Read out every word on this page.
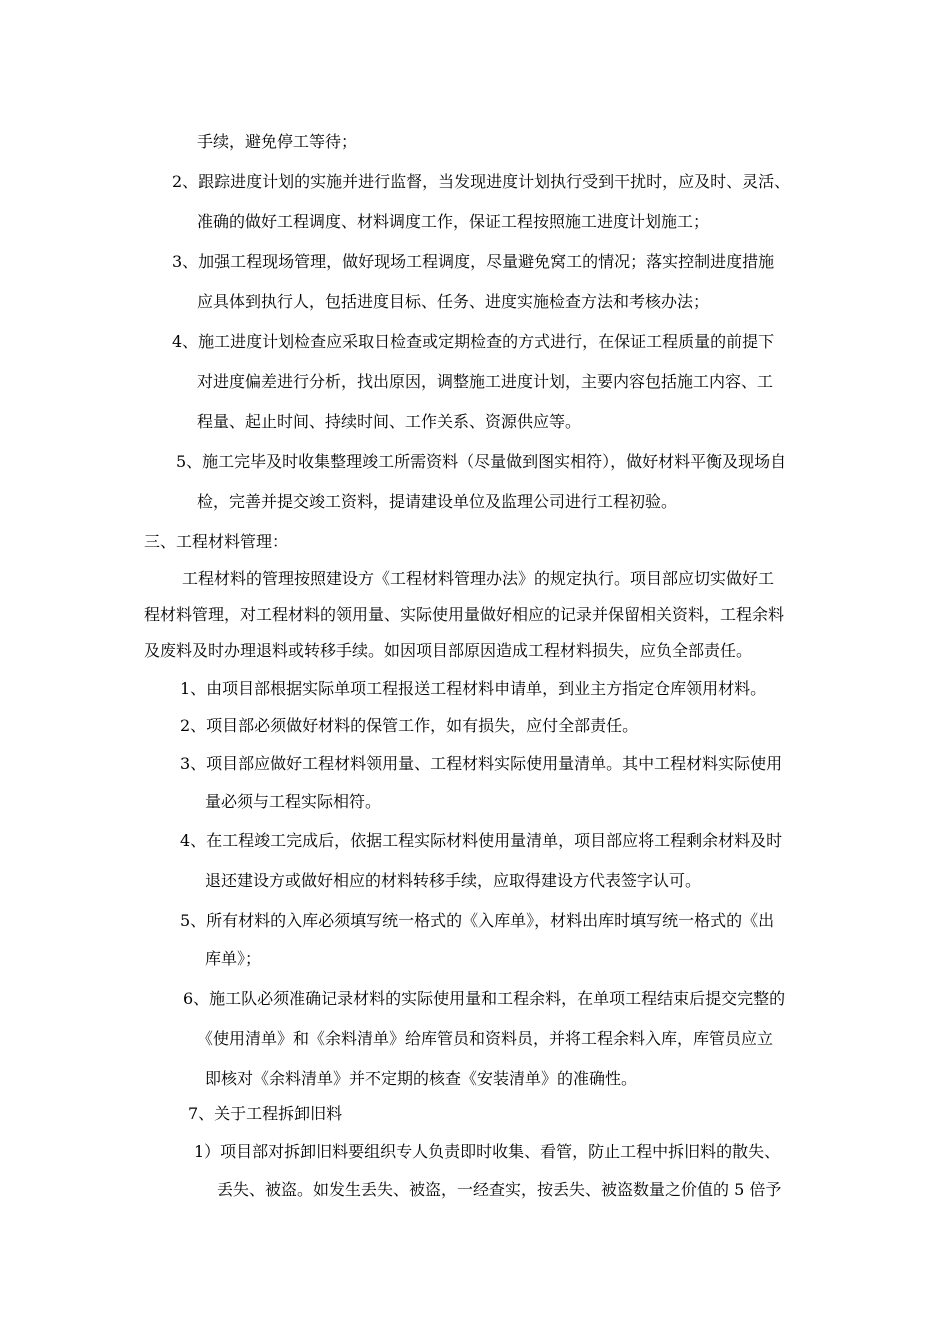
手续，避免停工等待；
2、跟踪进度计划的实施并进行监督，当发现进度计划执行受到干扰时，应及时、灵活、
准确的做好工程调度、材料调度工作，保证工程按照施工进度计划施工；
3、加强工程现场管理，做好现场工程调度，尽量避免窝工的情况；落实控制进度措施
应具体到执行人，包括进度目标、任务、进度实施检查方法和考核办法；
4、施工进度计划检查应采取日检查或定期检查的方式进行，在保证工程质量的前提下
对进度偏差进行分析，找出原因，调整施工进度计划，主要内容包括施工内容、工
程量、起止时间、持续时间、工作关系、资源供应等。
5、施工完毕及时收集整理竣工所需资料（尽量做到图实相符），做好材料平衡及现场自
检，完善并提交竣工资料，提请建设单位及监理公司进行工程初验。
三、工程材料管理：
工程材料的管理按照建设方《工程材料管理办法》的规定执行。项目部应切实做好工
程材料管理，对工程材料的领用量、实际使用量做好相应的记录并保留相关资料，工程余料
及废料及时办理退料或转移手续。如因项目部原因造成工程材料损失，应负全部责任。
1、由项目部根据实际单项工程报送工程材料申请单，到业主方指定仓库领用材料。
2、项目部必须做好材料的保管工作，如有损失，应付全部责任。
3、项目部应做好工程材料领用量、工程材料实际使用量清单。其中工程材料实际使用
量必须与工程实际相符。
4、在工程竣工完成后，依据工程实际材料使用量清单，项目部应将工程剩余材料及时
退还建设方或做好相应的材料转移手续，应取得建设方代表签字认可。
5、所有材料的入库必须填写统一格式的《入库单》，材料出库时填写统一格式的《出
库单》；
6、施工队必须准确记录材料的实际使用量和工程余料，在单项工程结束后提交完整的
《使用清单》和《余料清单》给库管员和资料员，并将工程余料入库，库管员应立
即核对《余料清单》并不定期的核查《安装清单》的准确性。
7、关于工程拆卸旧料
1）项目部对拆卸旧料要组织专人负责即时收集、看管，防止工程中拆旧料的散失、
丢失、被盗。如发生丢失、被盗，一经查实，按丢失、被盗数量之价值的 5 倍予
